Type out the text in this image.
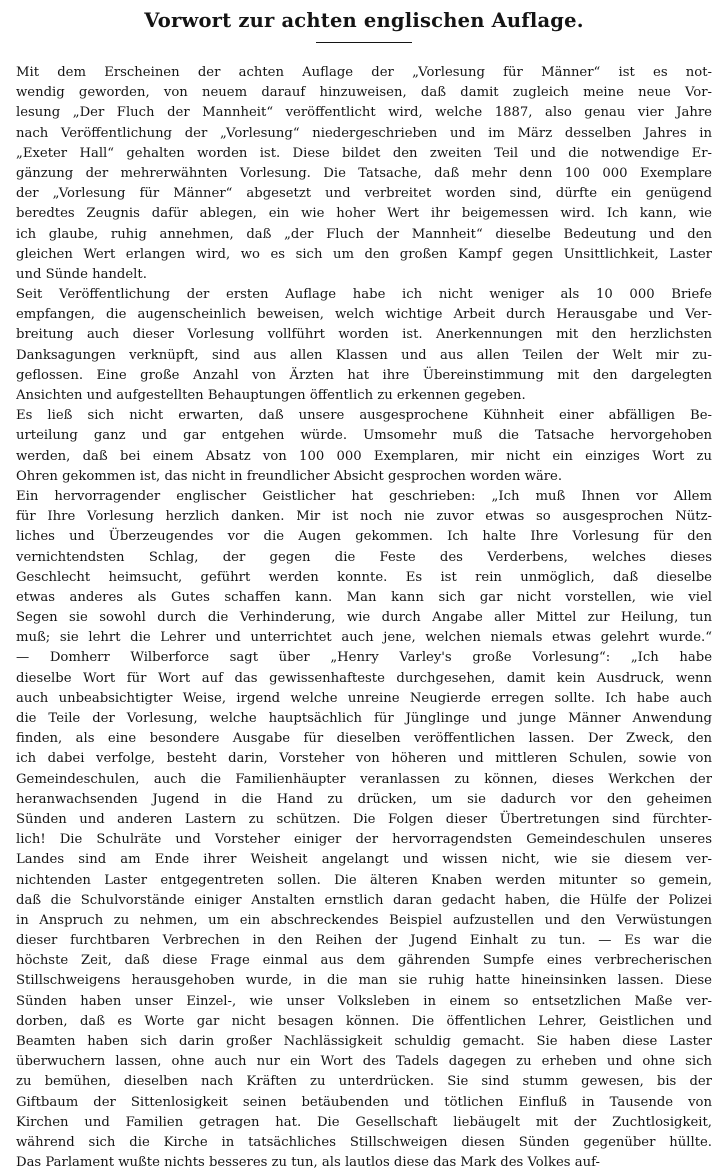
Vorwort zur achten englischen Auflage.
Mit dem Erscheinen der achten Auflage der „Vorlesung für Männer“ ist es not-
wendig geworden, von neuem darauf hinzuweisen, daß damit zugleich meine neue Vor-
lesung „Der Fluch der Mannheit“ veröffentlicht wird, welche 1887, also genau vier Jahre
nach Veröffentlichung der „Vorlesung“ niedergeschrieben und im März desselben Jahres in
„Exeter Hall“ gehalten worden ist. Diese bildet den zweiten Teil und die notwendige Er-
gänzung der mehrerwähnten Vorlesung. Die Tatsache, daß mehr denn 100 000 Exemplare
der „Vorlesung für Männer“ abgesetzt und verbreitet worden sind, dürfte ein genügend
beredtes Zeugnis dafür ablegen, ein wie hoher Wert ihr beigemessen wird. Ich kann, wie
ich glaube, ruhig annehmen, daß „der Fluch der Mannheit“ dieselbe Bedeutung und den
gleichen Wert erlangen wird, wo es sich um den großen Kampf gegen Unsittlichkeit, Laster
und Sünde handelt.
Seit Veröffentlichung der ersten Auflage habe ich nicht weniger als 10 000 Briefe
empfangen, die augenscheinlich beweisen, welch wichtige Arbeit durch Herausgabe und Ver-
breitung auch dieser Vorlesung vollführt worden ist. Anerkennungen mit den herzlichsten
Danksagungen verknüpft, sind aus allen Klassen und aus allen Teilen der Welt mir zu-
geflossen. Eine große Anzahl von Ärzten hat ihre Übereinstimmung mit den dargelegten
Ansichten und aufgestellten Behauptungen öffentlich zu erkennen gegeben.
Es ließ sich nicht erwarten, daß unsere ausgesprochene Kühnheit einer abfälligen Be-
urteilung ganz und gar entgehen würde. Umsomehr muß die Tatsache hervorgehoben
werden, daß bei einem Absatz von 100 000 Exemplaren, mir nicht ein einziges Wort zu
Ohren gekommen ist, das nicht in freundlicher Absicht gesprochen worden wäre.
Ein hervorragender englischer Geistlicher hat geschrieben: „Ich muß Ihnen vor Allem
für Ihre Vorlesung herzlich danken. Mir ist noch nie zuvor etwas so ausgesprochen Nütz-
liches und Überzeugendes vor die Augen gekommen. Ich halte Ihre Vorlesung für den
vernichtendsten Schlag, der gegen die Feste des Verderbens, welches dieses
Geschlecht heimsucht, geführt werden konnte. Es ist rein unmöglich, daß dieselbe
etwas anderes als Gutes schaffen kann. Man kann sich gar nicht vorstellen, wie viel
Segen sie sowohl durch die Verhinderung, wie durch Angabe aller Mittel zur Heilung, tun
muß; sie lehrt die Lehrer und unterrichtet auch jene, welchen niemals etwas gelehrt wurde.“
— Domherr Wilberforce sagt über „Henry Varley's große Vorlesung“: „Ich habe
dieselbe Wort für Wort auf das gewissenhafteste durchgesehen, damit kein Ausdruck, wenn
auch unbeabsichtigter Weise, irgend welche unreine Neugierde erregen sollte. Ich habe auch
die Teile der Vorlesung, welche hauptsächlich für Jünglinge und junge Männer Anwendung
finden, als eine besondere Ausgabe für dieselben veröffentlichen lassen. Der Zweck, den
ich dabei verfolge, besteht darin, Vorsteher von höheren und mittleren Schulen, sowie von
Gemeindeschulen, auch die Familienhäupter veranlassen zu können, dieses Werkchen der
heranwachsenden Jugend in die Hand zu drücken, um sie dadurch vor den geheimen
Sünden und anderen Lastern zu schützen. Die Folgen dieser Übertretungen sind fürchter-
lich! Die Schulräte und Vorsteher einiger der hervorragendsten Gemeindeschulen unseres
Landes sind am Ende ihrer Weisheit angelangt und wissen nicht, wie sie diesem ver-
nichtenden Laster entgegentreten sollen. Die älteren Knaben werden mitunter so gemein,
daß die Schulvorstände einiger Anstalten ernstlich daran gedacht haben, die Hülfe der Polizei
in Anspruch zu nehmen, um ein abschreckendes Beispiel aufzustellen und den Verwüstungen
dieser furchtbaren Verbrechen in den Reihen der Jugend Einhalt zu tun. — Es war die
höchste Zeit, daß diese Frage einmal aus dem gährenden Sumpfe eines verbrecherischen
Stillschweigens herausgehoben wurde, in die man sie ruhig hatte hineinsinken lassen. Diese
Sünden haben unser Einzel-, wie unser Volksleben in einem so entsetzlichen Maße ver-
dorben, daß es Worte gar nicht besagen können. Die öffentlichen Lehrer, Geistlichen und
Beamten haben sich darin großer Nachlässigkeit schuldig gemacht. Sie haben diese Laster
überwuchern lassen, ohne auch nur ein Wort des Tadels dagegen zu erheben und ohne sich
zu bemühen, dieselben nach Kräften zu unterdrücken. Sie sind stumm gewesen, bis der
Giftbaum der Sittenlosigkeit seinen betäubenden und tötlichen Einfluß in Tausende von
Kirchen und Familien getragen hat. Die Gesellschaft liebäugelt mit der Zuchtlosigkeit,
während sich die Kirche in tatsächliches Stillschweigen diesen Sünden gegenüber hüllte.
Das Parlament wußte nichts besseres zu tun, als lautlos diese das Mark des Volkes auf-
